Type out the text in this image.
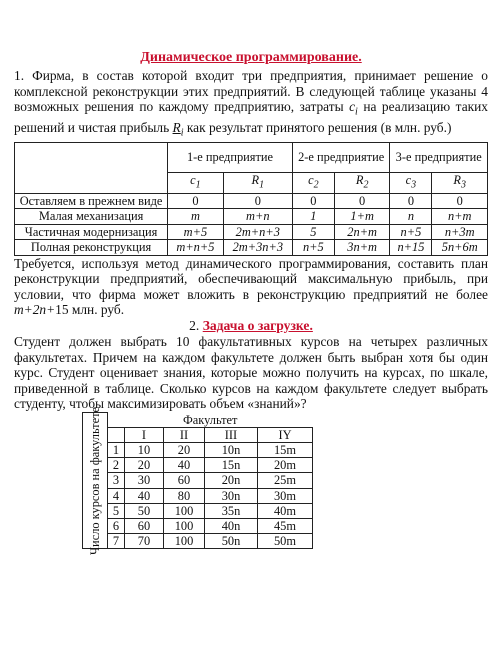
Динамическое программирование.

1. Фирма, в состав которой входит три предприятия, принимает решение о комплексной реконструкции этих предприятий. В следующей таблице указаны 4 возможных решения по каждому предприятию, затраты $c_i$ на реализацию таких решений и чистая прибыль $R_i$ как результат принятого решения (в млн. руб.)

	1-е предприятие		2-е предприятие		3-е предприятие	
	$c_1$	$R_1$	$c_2$	$R_2$	$c_3$	$R_3$
Оставляем в прежнем виде	0	0	0	0	0	0
Малая механизация	m	m+n	1	1+m	n	n+m
Частичная модернизация	m+5	2m+n+3	5	2n+m	n+5	n+3m
Полная реконструкция	m+n+5	2m+3n+3	n+5	3n+m	n+15	5n+6m

Требуется, используя метод динамического программирования, составить план реконструкции предприятий, обеспечивающий максимальную прибыль, при условии, что фирма может вложить в реконструкцию предприятий не более m+2n+15 млн. руб.

2. Задача о загрузке.

Студент должен выбрать 10 факультативных курсов на четырех различных факультетах. Причем на каждом факультете должен быть выбран хотя бы один курс. Студент оценивает знания, которые можно получить на курсах, по шкале, приведенной в таблице. Сколько курсов на каждом факультете следует выбрать студенту, чтобы максимизировать объем «знаний»?

Число курсов на факультете	Факультет				
		I	II	III	IY
	1	10	20	10n	15m
	2	20	40	15n	20m
	3	30	60	20n	25m
	4	40	80	30n	30m
	5	50	100	35n	40m
	6	60	100	40n	45m
	7	70	100	50n	50m
